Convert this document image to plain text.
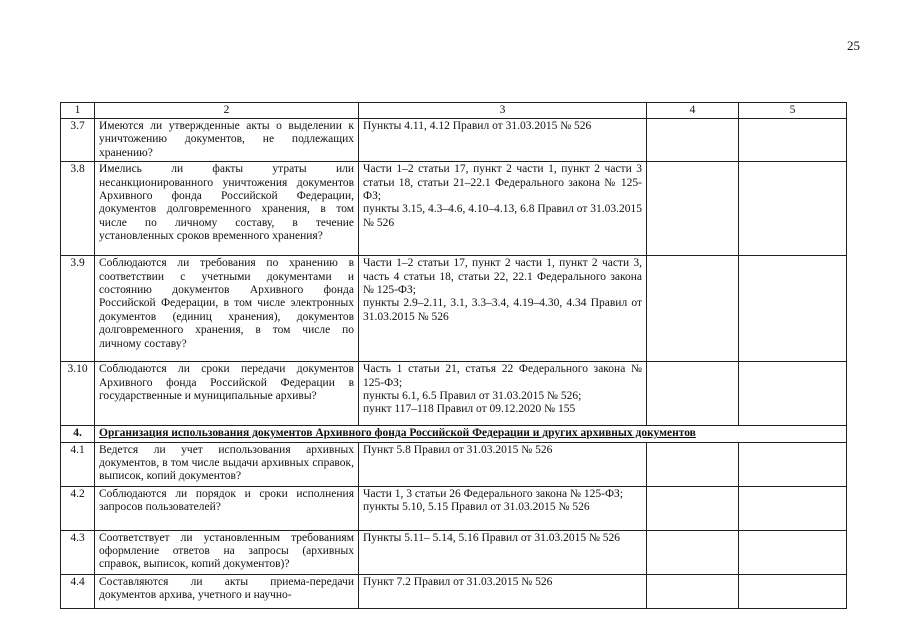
25
1	2	3	4	5
3.7	Имеются ли утвержденные акты о выделении к уничтожению документов, не подлежащих хранению?	Пункты 4.11, 4.12 Правил от 31.03.2015 № 526		

3.8	Имелись ли факты утраты или несанкционированного уничтожения документов Архивного фонда Российской Федерации, документов долговременного хранения, в том числе по личному составу, в течение установленных сроков временного хранения?	Части 1–2 статьи 17, пункт 2 части 1, пункт 2 части 3 статьи 18, статьи 21–22.1 Федерального закона № 125-ФЗ;
пункты 3.15, 4.3–4.6, 4.10–4.13, 6.8 Правил от 31.03.2015 № 526		

3.9	Соблюдаются ли требования по хранению в соответствии с учетными документами и состоянию документов Архивного фонда Российской Федерации, в том числе электронных документов (единиц хранения), документов долговременного хранения, в том числе по личному составу?	Части 1–2 статьи 17, пункт 2 части 1, пункт 2 части 3, часть 4 статьи 18, статьи 22, 22.1 Федерального закона № 125-ФЗ;
пункты 2.9–2.11, 3.1, 3.3–3.4, 4.19–4.30, 4.34 Правил от 31.03.2015 № 526		

3.10	Соблюдаются ли сроки передачи документов Архивного фонда Российской Федерации в государственные и муниципальные архивы?	Часть 1 статьи 21, статья 22 Федерального закона № 125-ФЗ;
пункты 6.1, 6.5 Правил от 31.03.2015 № 526;
пункт 117–118 Правил от 09.12.2020 № 155		

4.	Организация использования документов Архивного фонда Российской Федерации и других архивных документов			
4.1	Ведется ли учет использования архивных документов, в том числе выдачи архивных справок, выписок, копий документов?	Пункт 5.8 Правил от 31.03.2015 № 526		

4.2	Соблюдаются ли порядок и сроки исполнения запросов пользователей?	Части 1, 3 статьи 26 Федерального закона № 125-ФЗ;
пункты 5.10, 5.15 Правил от 31.03.2015 № 526		

4.3	Соответствует ли установленным требованиям оформление ответов на запросы (архивных справок, выписок, копий документов)?	Пункты 5.11– 5.14, 5.16 Правил от 31.03.2015 № 526		

4.4	Составляются ли акты приема-передачи документов архива, учетного и научно-	Пункт 7.2 Правил от 31.03.2015 № 526		
